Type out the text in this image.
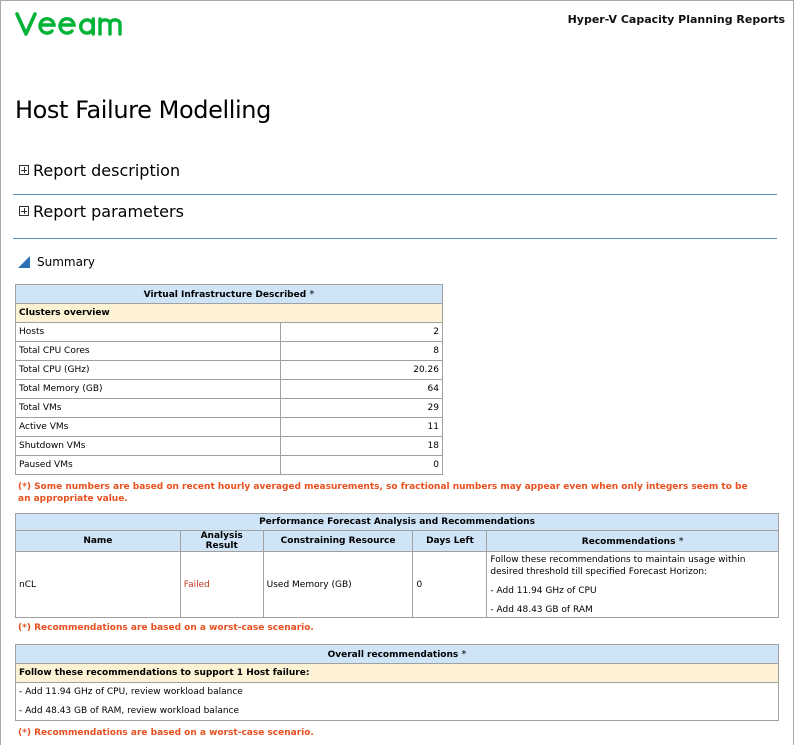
Hyper-V Capacity Planning Reports
Host Failure Modelling
Report description
Report parameters
Summary
Virtual Infrastructure Described *	
Clusters overview	
Hosts	2
Total CPU Cores	8
Total CPU (GHz)	20.26
Total Memory (GB)	64
Total VMs	29
Active VMs	11
Shutdown VMs	18
Paused VMs	0
(*) Some numbers are based on recent hourly averaged measurements, so fractional numbers may appear even when only integers seem to be an appropriate value.
Performance Forecast Analysis and Recommendations				
Name	Analysis Result	Constraining Resource	Days Left	Recommendations *
nCL	Failed	Used Memory (GB)	0	Follow these recommendations to maintain usage within desired threshold till specified Forecast Horizon:
- Add 11.94 GHz of CPU
- Add 48.43 GB of RAM
(*) Recommendations are based on a worst-case scenario.
Overall recommendations *
Follow these recommendations to support 1 Host failure:
- Add 11.94 GHz of CPU, review workload balance
- Add 48.43 GB of RAM, review workload balance
(*) Recommendations are based on a worst-case scenario.
